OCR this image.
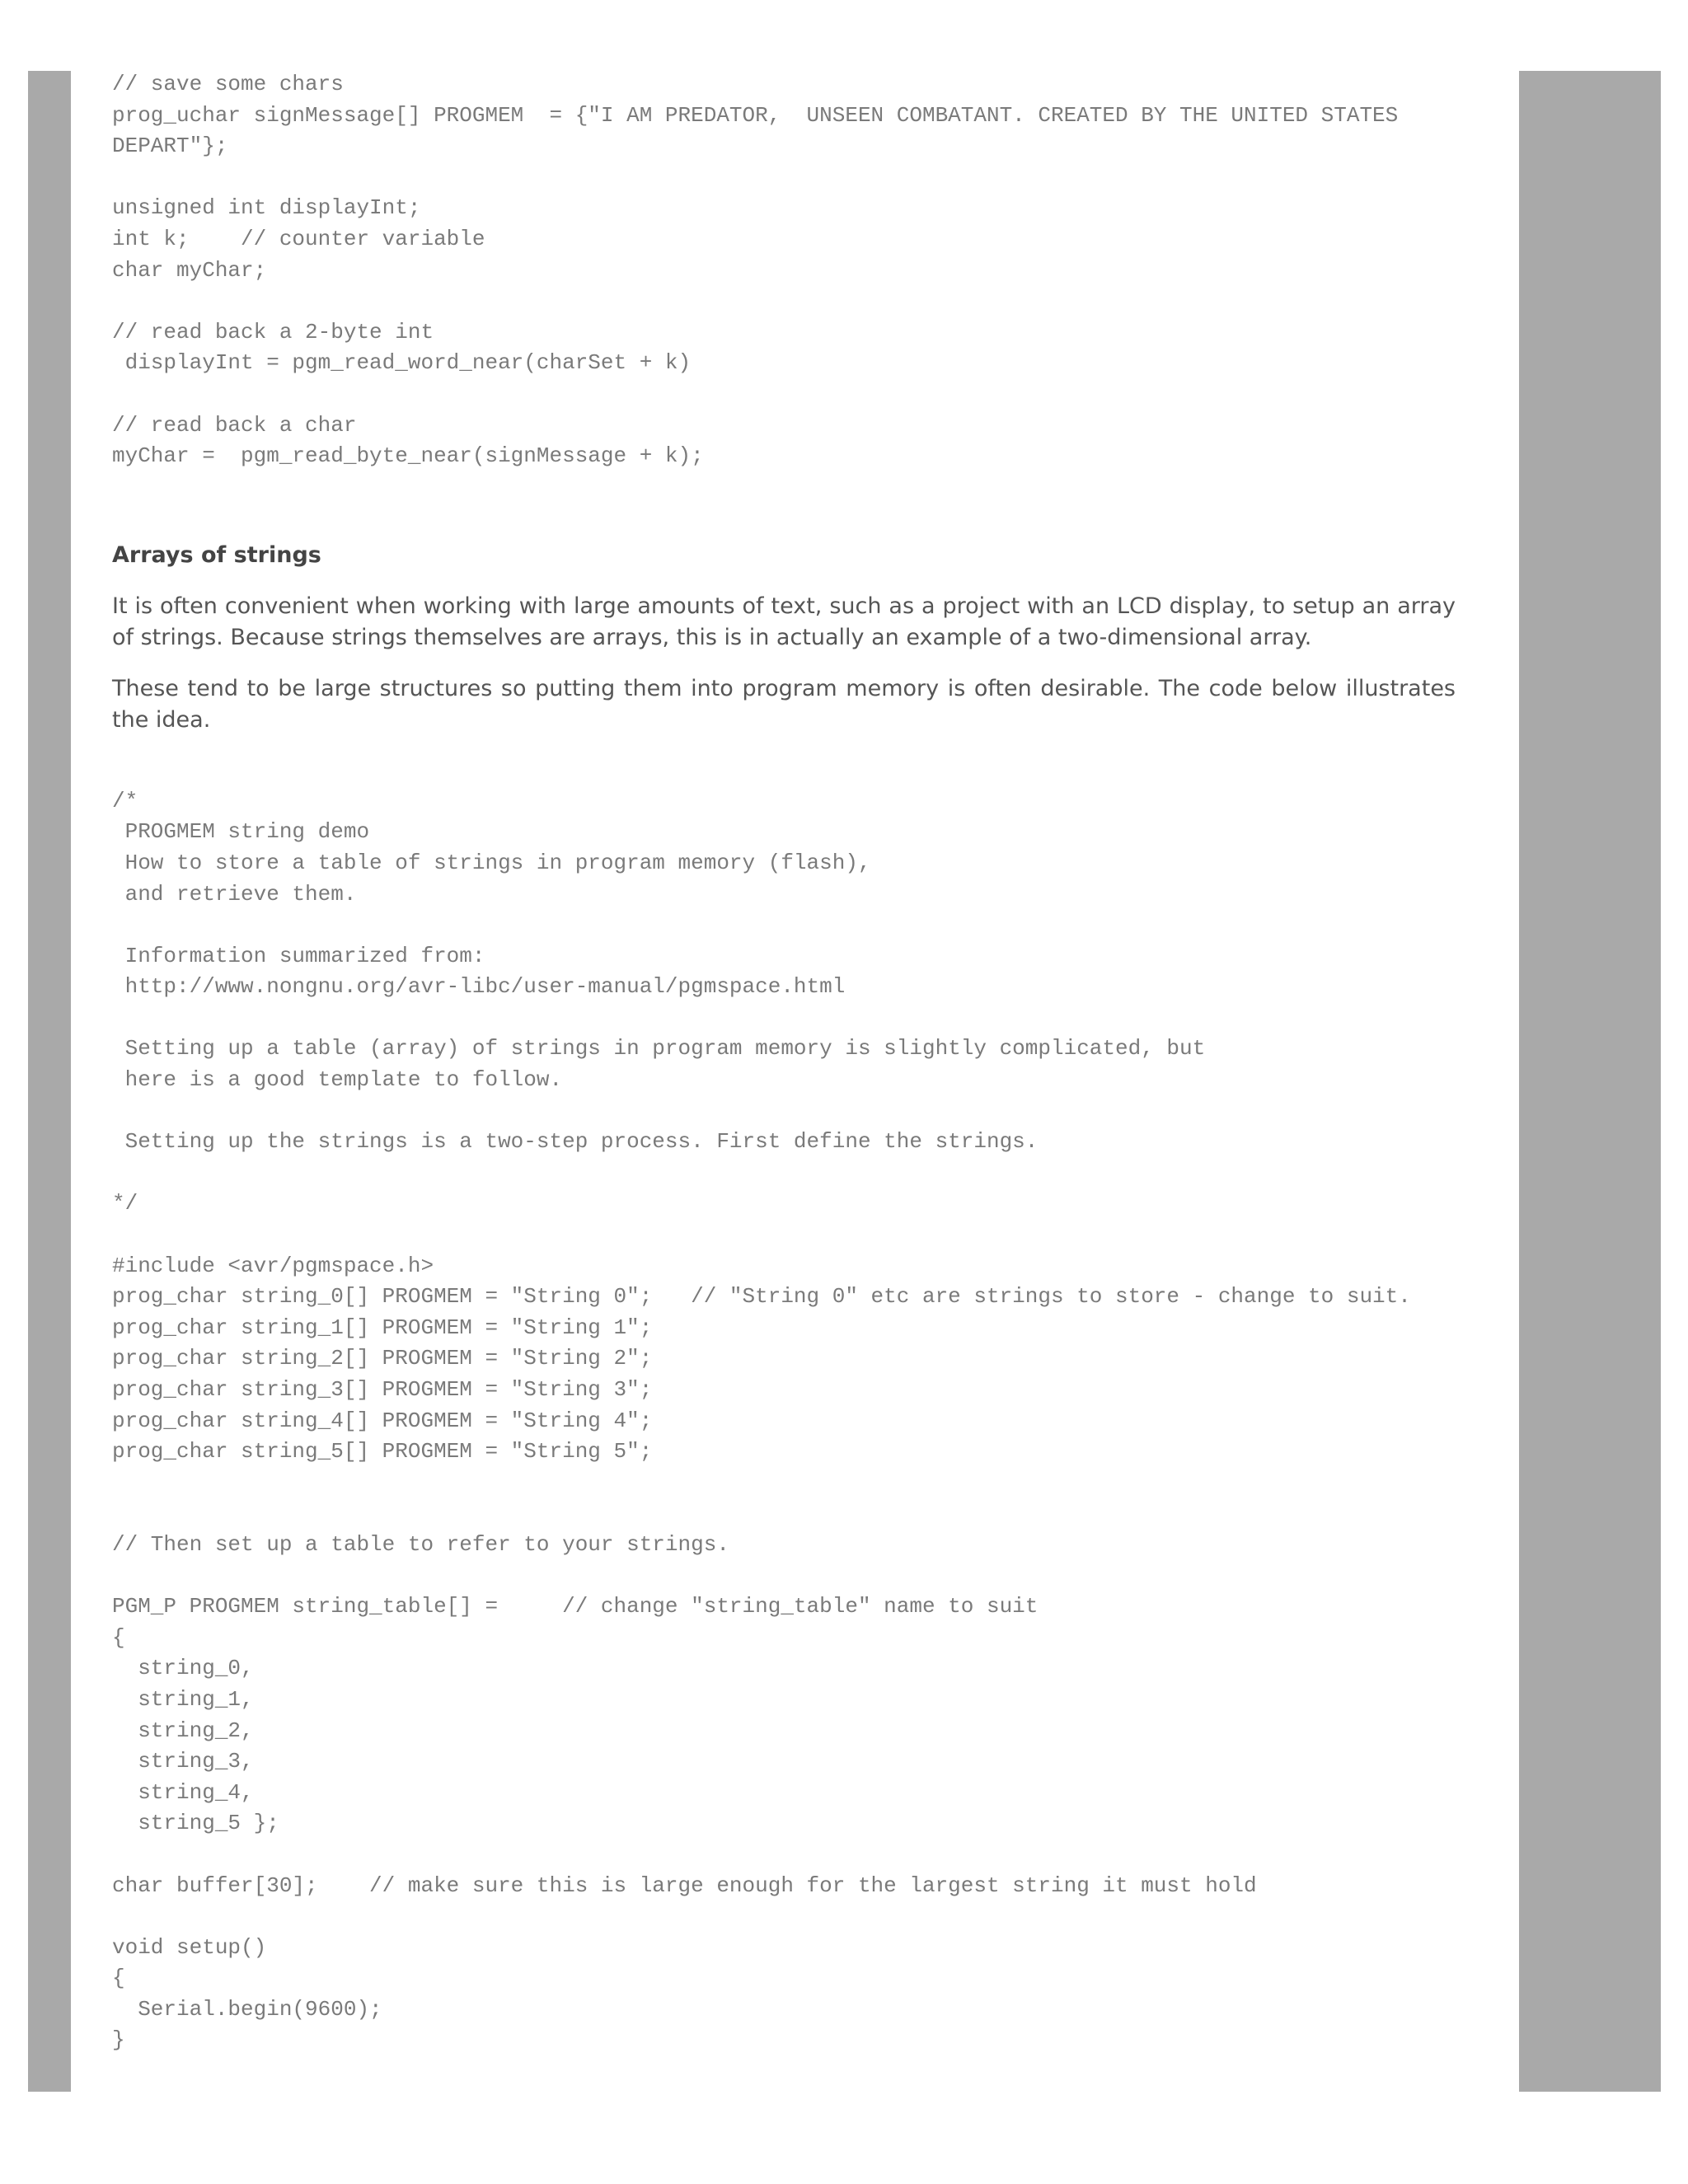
// save some chars
prog_uchar signMessage[] PROGMEM  = {"I AM PREDATOR,  UNSEEN COMBATANT. CREATED BY THE UNITED STATES
DEPART"};

unsigned int displayInt;
int k;    // counter variable
char myChar;

// read back a 2-byte int
displayInt = pgm_read_word_near(charSet + k)

// read back a char
myChar =  pgm_read_byte_near(signMessage + k);
Arrays of strings

It is often convenient when working with large amounts of text, such as a project with an LCD display, to setup an array of strings. Because strings themselves are arrays, this is in actually an example of a two-dimensional array.

These tend to be large structures so putting them into program memory is often desirable. The code below illustrates the idea.

/*
PROGMEM string demo
How to store a table of strings in program memory (flash),
and retrieve them.

Information summarized from:
http://www.nongnu.org/avr-libc/user-manual/pgmspace.html

Setting up a table (array) of strings in program memory is slightly complicated, but
here is a good template to follow.

Setting up the strings is a two-step process. First define the strings.

*/

#include <avr/pgmspace.h>
prog_char string_0[] PROGMEM = "String 0";   // "String 0" etc are strings to store - change to suit.
prog_char string_1[] PROGMEM = "String 1";
prog_char string_2[] PROGMEM = "String 2";
prog_char string_3[] PROGMEM = "String 3";
prog_char string_4[] PROGMEM = "String 4";
prog_char string_5[] PROGMEM = "String 5";

// Then set up a table to refer to your strings.

PGM_P PROGMEM string_table[] =     // change "string_table" name to suit
{
string_0,
string_1,
string_2,
string_3,
string_4,
string_5 };

char buffer[30];    // make sure this is large enough for the largest string it must hold

void setup()
{
Serial.begin(9600);
}
